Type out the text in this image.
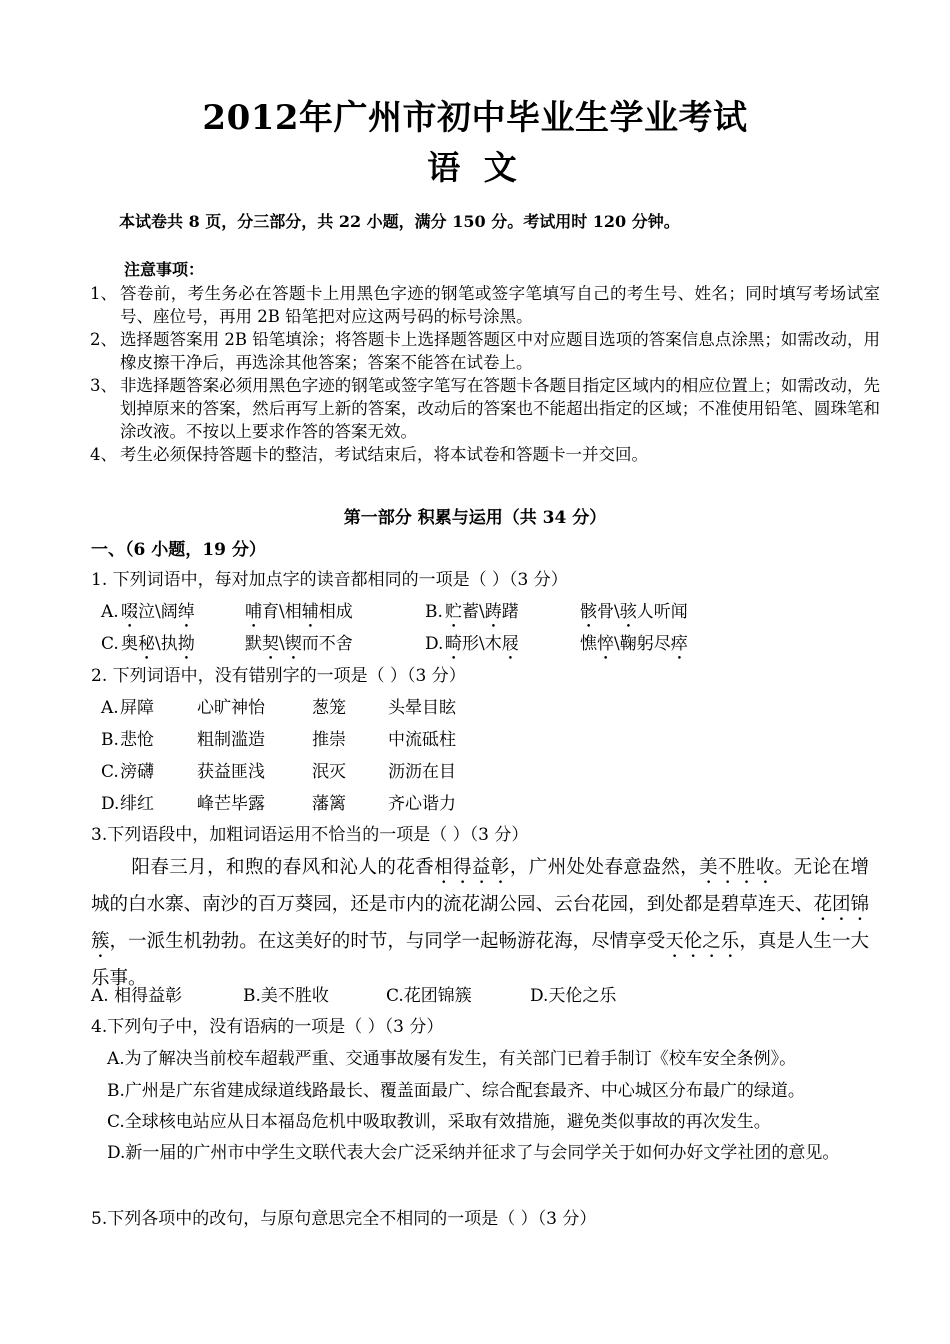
2012年广州市初中毕业生学业考试
语 文
本试卷共 8 页，分三部分，共 22 小题，满分 150 分。考试用时 120 分钟。
注意事项：
1、 答卷前，考生务必在答题卡上用黑色字迹的钢笔或签字笔填写自己的考生号、姓名；同时填写考场试室号、座位号，再用 2B 铅笔把对应这两号码的标号涂黑。
2、 选择题答案用 2B 铅笔填涂；将答题卡上选择题答题区中对应题目选项的答案信息点涂黑；如需改动，用橡皮擦干净后，再选涂其他答案；答案不能答在试卷上。
3、 非选择题答案必须用黑色字迹的钢笔或签字笔写在答题卡各题目指定区域内的相应位置上；如需改动，先划掉原来的答案，然后再写上新的答案，改动后的答案也不能超出指定的区域；不准使用铅笔、圆珠笔和涂改液。不按以上要求作答的答案无效。
4、 考生必须保持答题卡的整洁，考试结束后，将本试卷和答题卡一并交回。
第一部分 积累与运用（共 34 分）
一、（6 小题，19 分）
1. 下列词语中，每对加点字的读音都相同的一项是（ ）（3 分）
A. 啜泣\阔绰	哺育\相辅相成	B. 贮蓄\踌躇	骸骨\骇人听闻
C. 奥秘\执拗	默契\锲而不舍	D. 畸形\木屐	憔悴\鞠躬尽瘁
2. 下列词语中，没有错别字的一项是（ ）（3 分）
A. 屏障	心旷神怡	葱笼 头晕目眩
B. 悲怆	粗制滥造	推崇 中流砥柱
C. 滂礴	获益匪浅	泯灭 沥沥在目
D. 绯红	峰芒毕露	藩篱 齐心谐力
3.下列语段中，加粗词语运用不恰当的一项是（ ）（3 分）
阳春三月，和煦的春风和沁人的花香相得益彰，广州处处春意盎然，美不胜收。无论在增城的白水寨、南沙的百万葵园，还是市内的流花湖公园、云台花园，到处都是碧草连天、花团锦簇，一派生机勃勃。在这美好的时节，与同学一起畅游花海，尽情享受天伦之乐，真是人生一大乐事。
A. 相得益彰	B.美不胜收	C.花团锦簇	D.天伦之乐
4.下列句子中，没有语病的一项是（ ）（3 分）
A.为了解决当前校车超载严重、交通事故屡有发生，有关部门已着手制订《校车安全条例》。
B.广州是广东省建成绿道线路最长、覆盖面最广、综合配套最齐、中心城区分布最广的绿道。
C.全球核电站应从日本福岛危机中吸取教训，采取有效措施，避免类似事故的再次发生。
D.新一届的广州市中学生文联代表大会广泛采纳并征求了与会同学关于如何办好文学社团的意见。
5.下列各项中的改句，与原句意思完全不相同的一项是（ ）（3 分）
